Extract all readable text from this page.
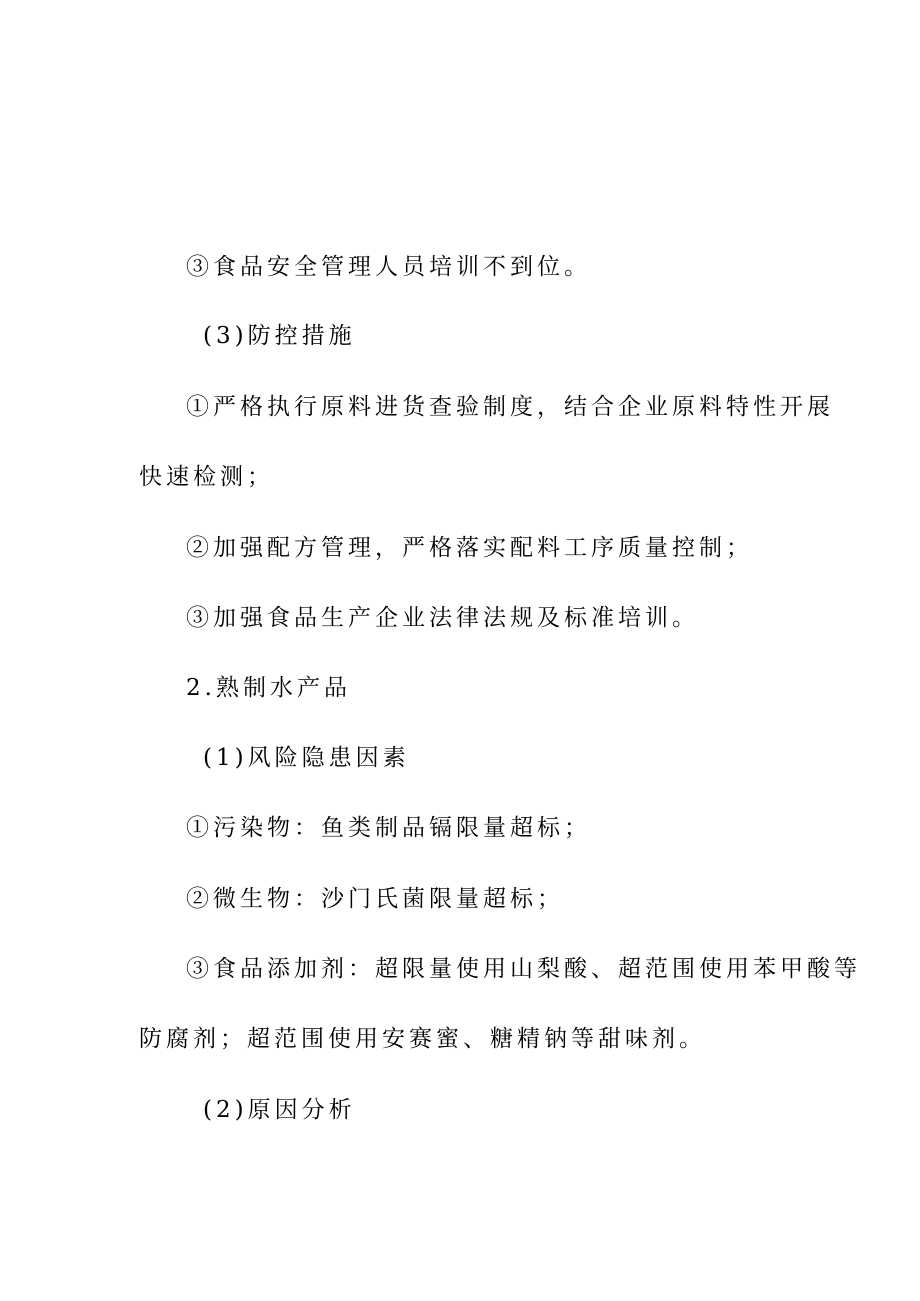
③食品安全管理人员培训不到位。
(3)防控措施
①严格执行原料进货查验制度，结合企业原料特性开展
快速检测；
②加强配方管理，严格落实配料工序质量控制；
③加强食品生产企业法律法规及标准培训。
2.熟制水产品
(1)风险隐患因素
①污染物：鱼类制品镉限量超标；
②微生物：沙门氏菌限量超标；
③食品添加剂：超限量使用山梨酸、超范围使用苯甲酸等
防腐剂；超范围使用安赛蜜、糖精钠等甜味剂。
(2)原因分析
